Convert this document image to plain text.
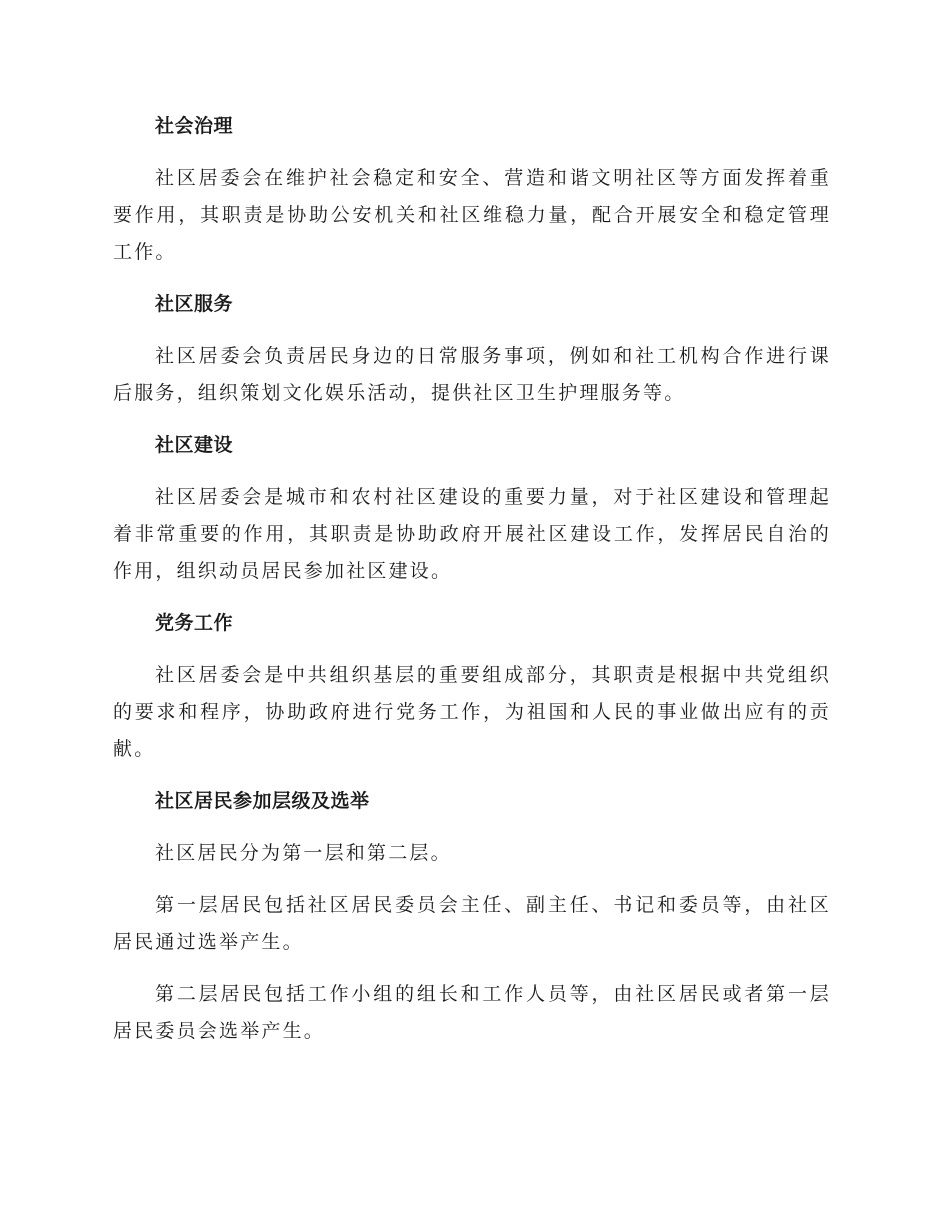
社会治理

社区居委会在维护社会稳定和安全、营造和谐文明社区等方面发挥着重要作用，其职责是协助公安机关和社区维稳力量，配合开展安全和稳定管理工作。

社区服务

社区居委会负责居民身边的日常服务事项，例如和社工机构合作进行课后服务，组织策划文化娱乐活动，提供社区卫生护理服务等。

社区建设

社区居委会是城市和农村社区建设的重要力量，对于社区建设和管理起着非常重要的作用，其职责是协助政府开展社区建设工作，发挥居民自治的作用，组织动员居民参加社区建设。

党务工作

社区居委会是中共组织基层的重要组成部分，其职责是根据中共党组织的要求和程序，协助政府进行党务工作，为祖国和人民的事业做出应有的贡献。

社区居民参加层级及选举

社区居民分为第一层和第二层。

第一层居民包括社区居民委员会主任、副主任、书记和委员等，由社区居民通过选举产生。

第二层居民包括工作小组的组长和工作人员等，由社区居民或者第一层居民委员会选举产生。
